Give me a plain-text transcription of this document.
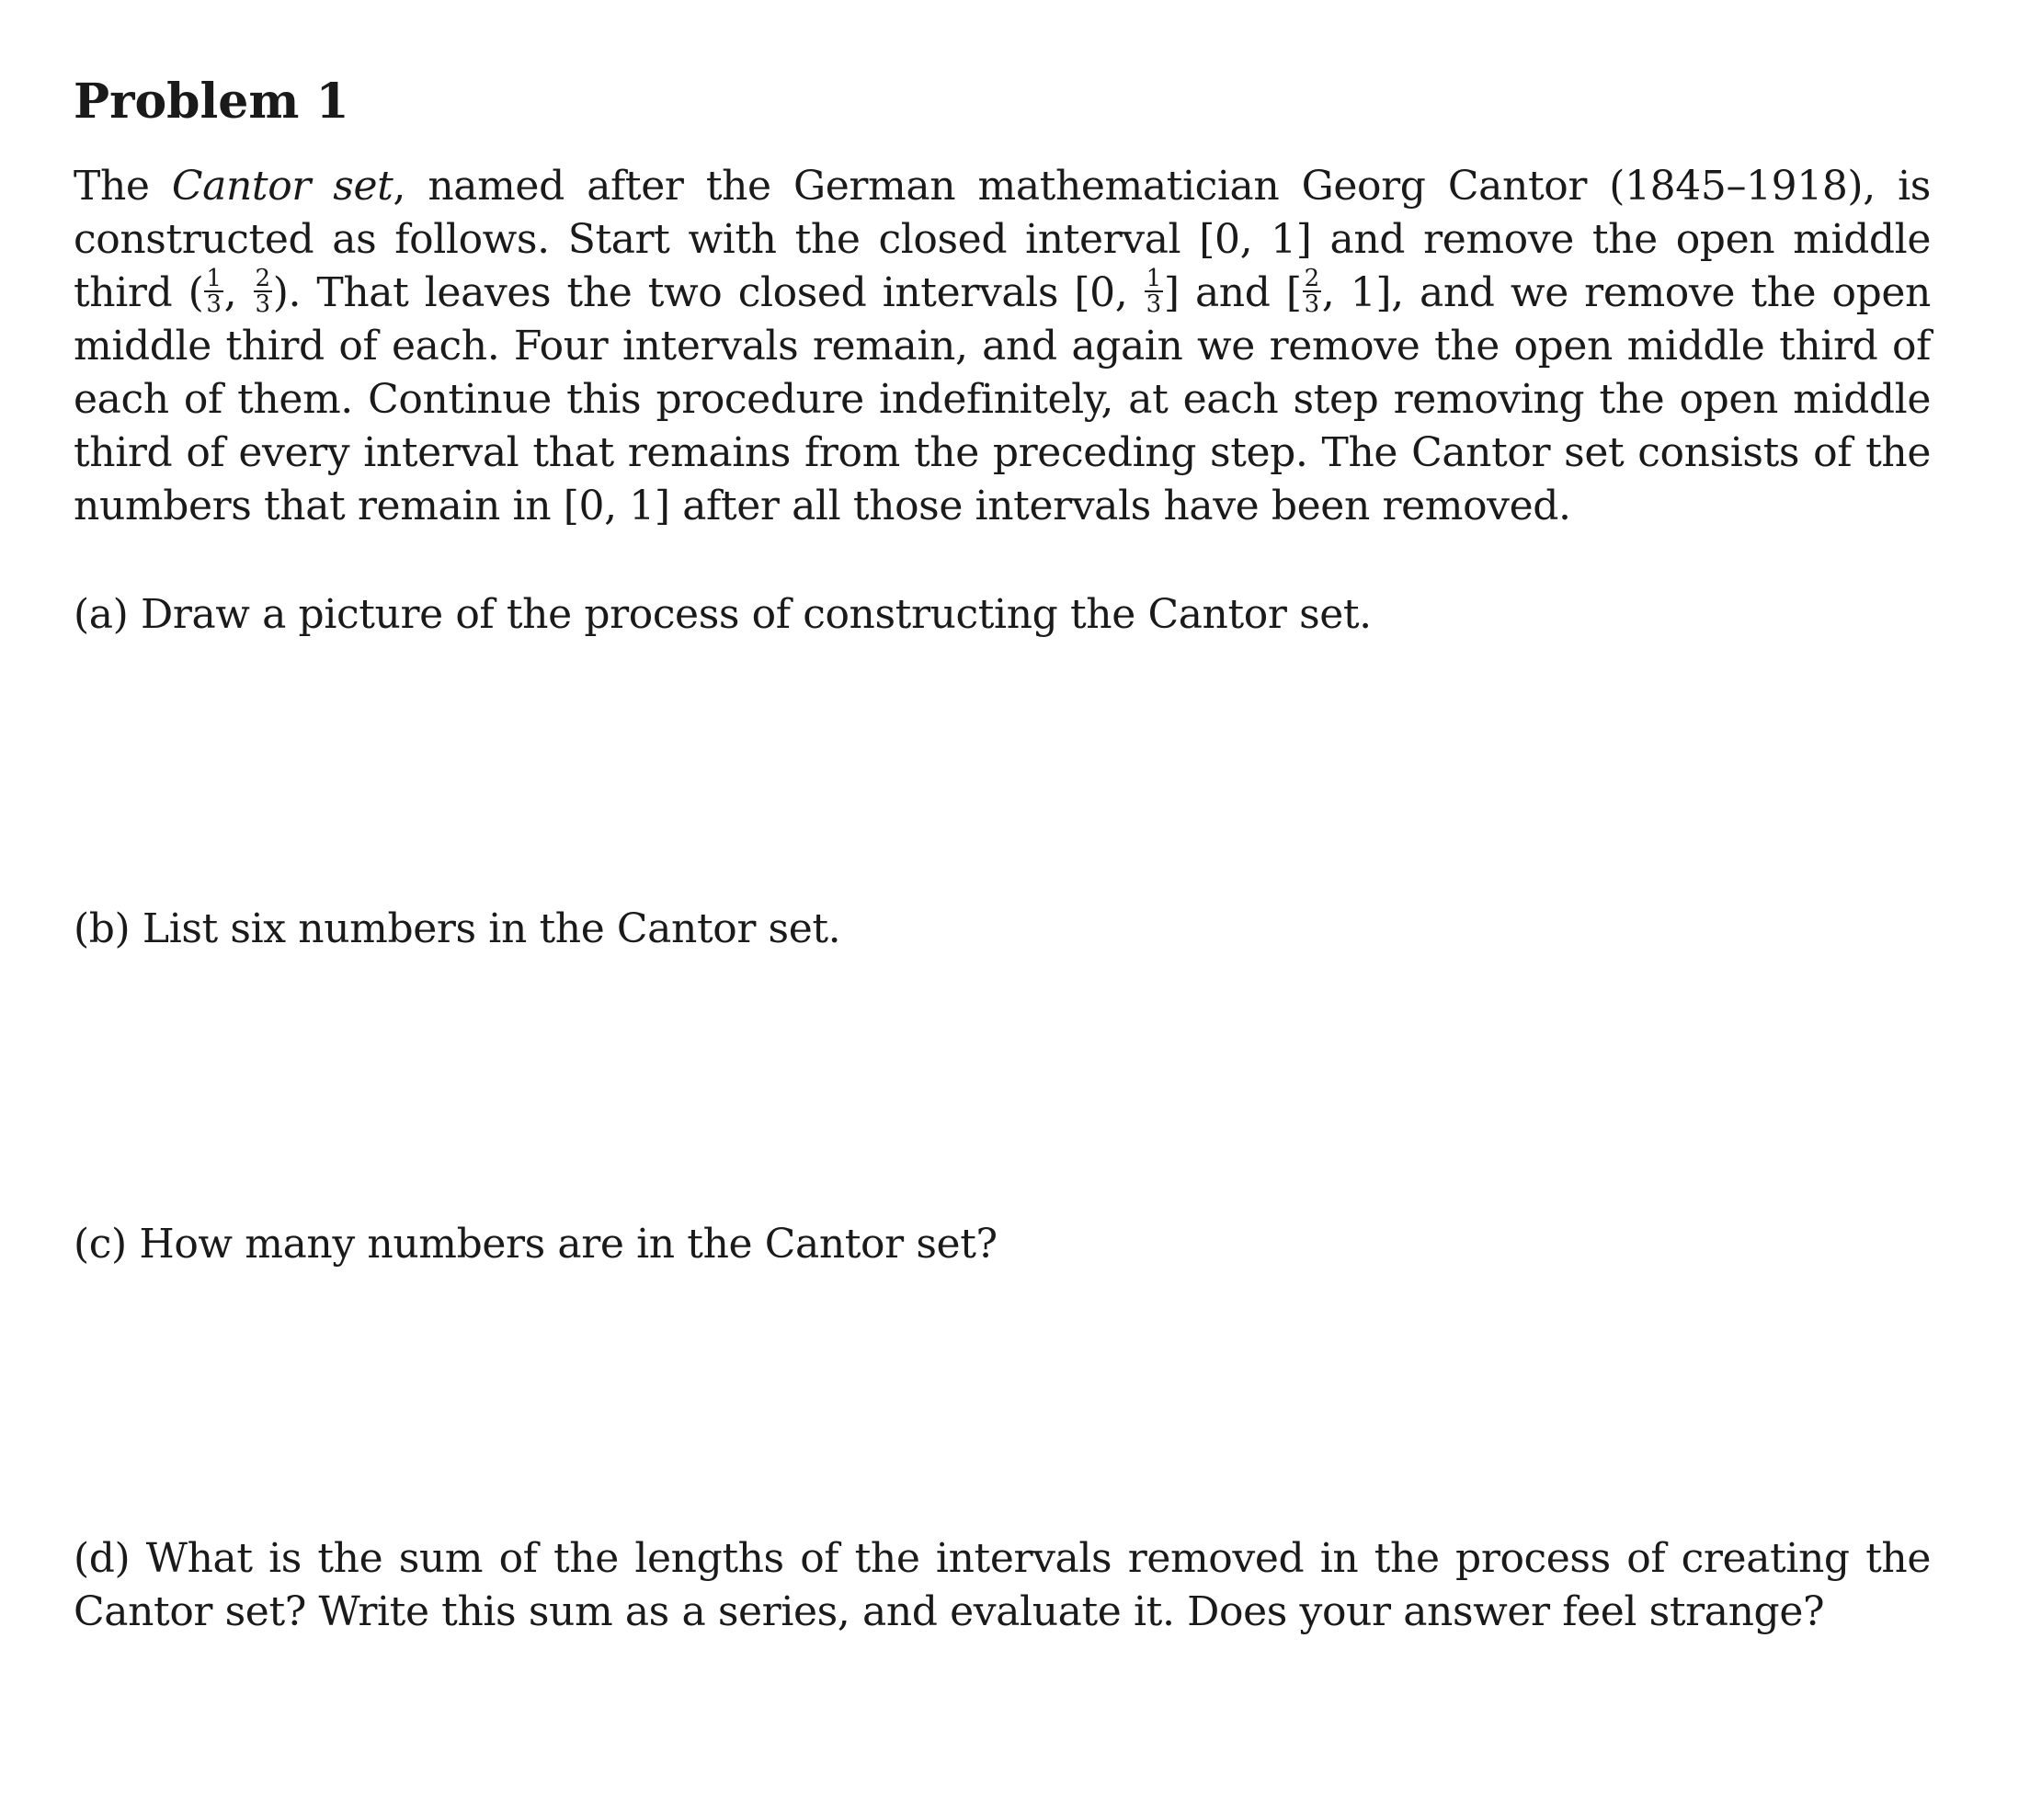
Problem 1

The Cantor set, named after the German mathematician Georg Cantor (1845–1918), is constructed as follows. Start with the closed interval [0, 1] and remove the open middle third ( $\frac{1}{3}$ , $\frac{2}{3}$ ). That leaves the two closed intervals [0, $\frac{1}{3}$ ] and [ $\frac{2}{3}$ , 1], and we remove the open middle third of each. Four intervals remain, and again we remove the open middle third of each of them. Continue this procedure indefinitely, at each step removing the open middle third of every interval that remains from the preceding step. The Cantor set consists of the numbers that remain in [0, 1] after all those intervals have been removed.

(a) Draw a picture of the process of constructing the Cantor set.

(b) List six numbers in the Cantor set.

(c) How many numbers are in the Cantor set?

(d) What is the sum of the lengths of the intervals removed in the process of creating the Cantor set? Write this sum as a series, and evaluate it. Does your answer feel strange?
